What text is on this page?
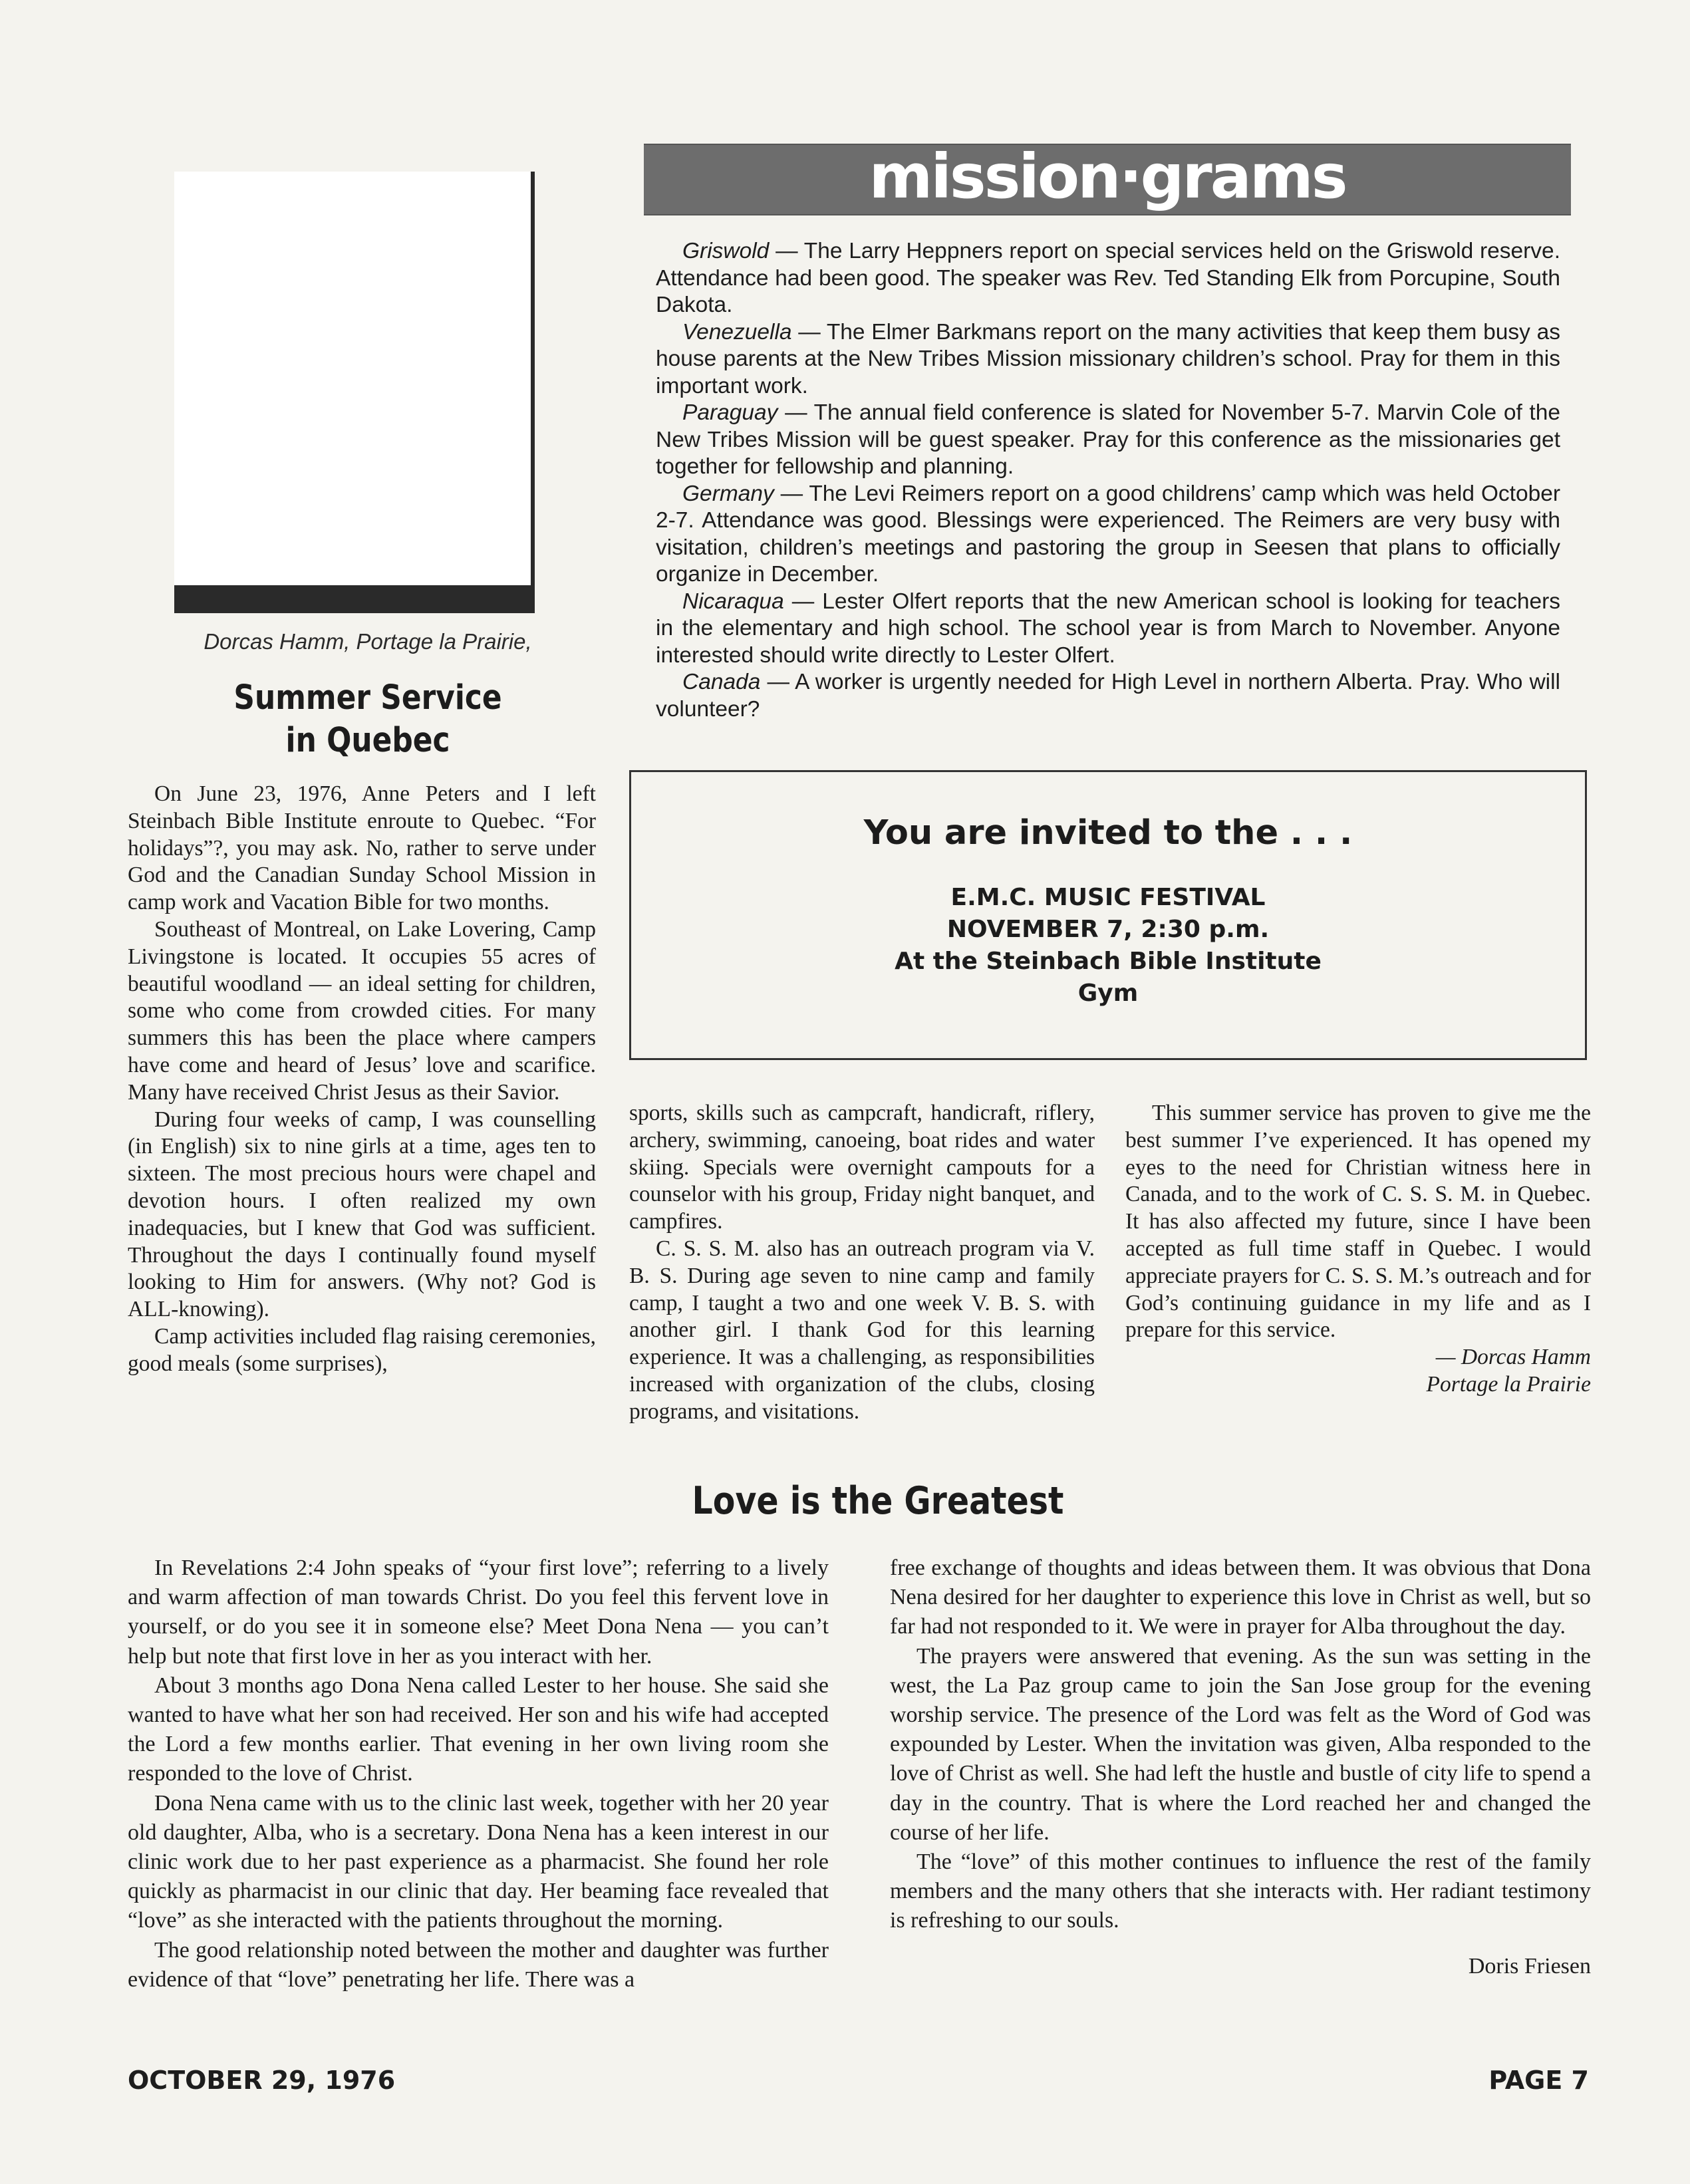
Dorcas Hamm, Portage la Prairie,
Summer Service
in Quebec
mission·grams

Griswold — The Larry Heppners report on special services held on the Griswold reserve. Attendance had been good. The speaker was Rev. Ted Standing Elk from Porcupine, South Dakota.

Venezuella — The Elmer Barkmans report on the many activities that keep them busy as house parents at the New Tribes Mission missionary children’s school. Pray for them in this important work.

Paraguay — The annual field conference is slated for November 5-7. Marvin Cole of the New Tribes Mission will be guest speaker. Pray for this conference as the missionaries get together for fellowship and planning.

Germany — The Levi Reimers report on a good childrens’ camp which was held October 2-7. Attendance was good. Blessings were experienced. The Reimers are very busy with visitation, children’s meetings and pastoring the group in Seesen that plans to officially organize in December.

Nicaraqua — Lester Olfert reports that the new American school is looking for teachers in the elementary and high school. The school year is from March to November. Anyone interested should write directly to Lester Olfert.

Canada — A worker is urgently needed for High Level in northern Alberta. Pray. Who will volunteer?

You are invited to the . . .
E.M.C. MUSIC FESTIVAL
NOVEMBER 7, 2:30 p.m.
At the Steinbach Bible Institute
Gym

On June 23, 1976, Anne Peters and I left Steinbach Bible Institute enroute to Quebec. “For holidays”?, you may ask. No, rather to serve under God and the Canadian Sunday School Mission in camp work and Vacation Bible for two months.

Southeast of Montreal, on Lake Lovering, Camp Livingstone is located. It occupies 55 acres of beautiful woodland — an ideal setting for children, some who come from crowded cities. For many summers this has been the place where campers have come and heard of Jesus’ love and scarifice. Many have received Christ Jesus as their Savior.

During four weeks of camp, I was counselling (in English) six to nine girls at a time, ages ten to sixteen. The most precious hours were chapel and devotion hours. I often realized my own inadequacies, but I knew that God was sufficient. Throughout the days I continually found myself looking to Him for answers. (Why not? God is ALL-knowing).

Camp activities included flag raising ceremonies, good meals (some surprises),

sports, skills such as campcraft, handicraft, riflery, archery, swimming, canoeing, boat rides and water skiing. Specials were overnight campouts for a counselor with his group, Friday night banquet, and campfires.

C. S. S. M. also has an outreach program via V. B. S. During age seven to nine camp and family camp, I taught a two and one week V. B. S. with another girl. I thank God for this learning experience. It was a challenging, as responsibilities increased with organization of the clubs, closing programs, and visitations.

This summer service has proven to give me the best summer I’ve experienced. It has opened my eyes to the need for Christian witness here in Canada, and to the work of C. S. S. M. in Quebec. It has also affected my future, since I have been accepted as full time staff in Quebec. I would appreciate prayers for C. S. S. M.’s outreach and for God’s continuing guidance in my life and as I prepare for this service.

— Dorcas Hamm
Portage la Prairie
Love is the Greatest

In Revelations 2:4 John speaks of “your first love”; referring to a lively and warm affection of man towards Christ. Do you feel this fervent love in yourself, or do you see it in someone else? Meet Dona Nena — you can’t help but note that first love in her as you interact with her.

About 3 months ago Dona Nena called Lester to her house. She said she wanted to have what her son had received. Her son and his wife had accepted the Lord a few months earlier. That evening in her own living room she responded to the love of Christ.

Dona Nena came with us to the clinic last week, together with her 20 year old daughter, Alba, who is a secretary. Dona Nena has a keen interest in our clinic work due to her past experience as a pharmacist. She found her role quickly as pharmacist in our clinic that day. Her beaming face revealed that “love” as she interacted with the patients throughout the morning.

The good relationship noted between the mother and daughter was further evidence of that “love” penetrating her life. There was a

free exchange of thoughts and ideas between them. It was obvious that Dona Nena desired for her daughter to experience this love in Christ as well, but so far had not responded to it. We were in prayer for Alba throughout the day.

The prayers were answered that evening. As the sun was setting in the west, the La Paz group came to join the San Jose group for the evening worship service. The presence of the Lord was felt as the Word of God was expounded by Lester. When the invitation was given, Alba responded to the love of Christ as well. She had left the hustle and bustle of city life to spend a day in the country. That is where the Lord reached her and changed the course of her life.

The “love” of this mother continues to influence the rest of the family members and the many others that she interacts with. Her radiant testimony is refreshing to our souls.

Doris Friesen

OCTOBER 29, 1976	PAGE 7
